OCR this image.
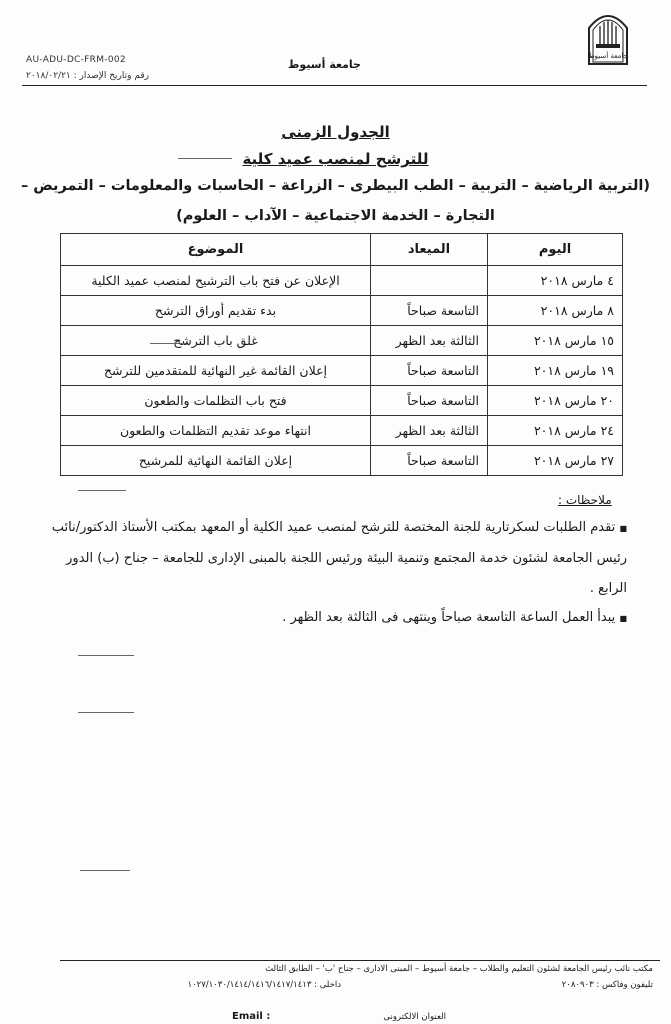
جامعة أسيوط
AU-ADU-DC-FRM-002
رقم وتاريخ الإصدار : ٢٠١٨/٠٢/٢١
جامعة أسيوط
الجدول الزمنى
للترشح لمنصب عميد كلية
(التربية الرياضية – التربية – الطب البيطرى – الزراعة – الحاسبات والمعلومات – التمريض –
التجارة – الخدمة الاجتماعية – الآداب – العلوم)
اليوم	الميعاد	الموضوع
٤ مارس ٢٠١٨		الإعلان عن فتح باب الترشيح لمنصب عميد الكلية
٨ مارس ٢٠١٨	التاسعة صباحاً	بدء تقديم أوراق الترشح
١٥ مارس ٢٠١٨	الثالثة بعد الظهر	غلق باب الترشح
١٩ مارس ٢٠١٨	التاسعة صباحاً	إعلان القائمة غير النهائية للمتقدمين للترشح
٢٠ مارس ٢٠١٨	التاسعة صباحاً	فتح باب التظلمات والطعون
٢٤ مارس ٢٠١٨	الثالثة بعد الظهر	انتهاء موعد تقديم التظلمات والطعون
٢٧ مارس ٢٠١٨	التاسعة صباحاً	إعلان القائمة النهائية للمرشيح
ملاحظات :
■ تقدم الطلبات لسكرتارية للجنة المختصة للترشح لمنصب عميد الكلية أو المعهد بمكتب الأستاذ الدكتور/نائب رئيس الجامعة لشئون خدمة المجتمع وتنمية البيئة ورئيس اللجنة بالمبنى الإدارى للجامعة – جناح (ب) الدور الرابع .
■ يبدأ العمل الساعة التاسعة صباحاً وينتهى فى الثالثة بعد الظهر .
مكتب نائب رئيس الجامعة لشئون التعليم والطلاب – جامعة أسيوط – المبنى الادارى – جناح 'ب' – الطابق الثالث
تليفون وفاكس : ٢٠٨٠٩٠٣
داخلى : ١٠٢٧/١٠٣٠/١٤١٤/١٤١٦/١٤١٧/١٤١٣
العنوان الالكترونى
Email :
